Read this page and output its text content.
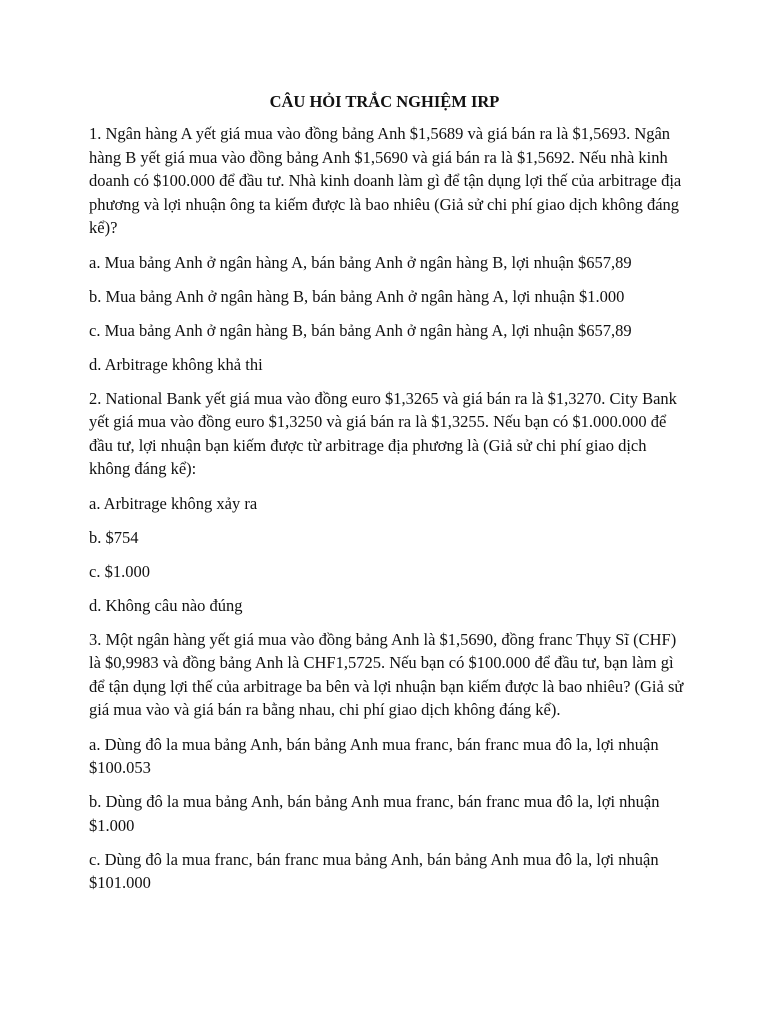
CÂU HỎI TRẮC NGHIỆM IRP
1. Ngân hàng A yết giá mua vào đồng bảng Anh $1,5689 và giá bán ra là $1,5693. Ngân hàng B yết giá mua vào đồng bảng Anh $1,5690 và giá bán ra là $1,5692. Nếu nhà kinh doanh có $100.000 để đầu tư. Nhà kinh doanh làm gì để tận dụng lợi thế của arbitrage địa phương và lợi nhuận ông ta kiếm được là bao nhiêu (Giả sử chi phí giao dịch không đáng kể)?
a. Mua bảng Anh ở ngân hàng A, bán bảng Anh ở ngân hàng B, lợi nhuận $657,89
b. Mua bảng Anh ở ngân hàng B, bán bảng Anh ở ngân hàng A, lợi nhuận $1.000
c. Mua bảng Anh ở ngân hàng B, bán bảng Anh ở ngân hàng A, lợi nhuận $657,89
d. Arbitrage không khả thi
2. National Bank yết giá mua vào đồng euro $1,3265 và giá bán ra là $1,3270. City Bank yết giá mua vào đồng euro $1,3250 và giá bán ra là $1,3255. Nếu bạn có $1.000.000 để đầu tư, lợi nhuận bạn kiếm được từ arbitrage địa phương là (Giả sử chi phí giao dịch không đáng kể):
a. Arbitrage không xảy ra
b. $754
c. $1.000
d. Không câu nào đúng
3. Một ngân hàng yết giá mua vào đồng bảng Anh là $1,5690, đồng franc Thụy Sĩ (CHF) là $0,9983 và đồng bảng Anh là CHF1,5725. Nếu bạn có $100.000 để đầu tư, bạn làm gì để tận dụng lợi thế của arbitrage ba bên và lợi nhuận bạn kiếm được là bao nhiêu? (Giả sử giá mua vào và giá bán ra bằng nhau, chi phí giao dịch không đáng kể).
a. Dùng đô la mua bảng Anh, bán bảng Anh mua franc, bán franc mua đô la, lợi nhuận $100.053
b. Dùng đô la mua bảng Anh, bán bảng Anh mua franc, bán franc mua đô la, lợi nhuận $1.000
c. Dùng đô la mua franc, bán franc mua bảng Anh, bán bảng Anh mua đô la, lợi nhuận $101.000
